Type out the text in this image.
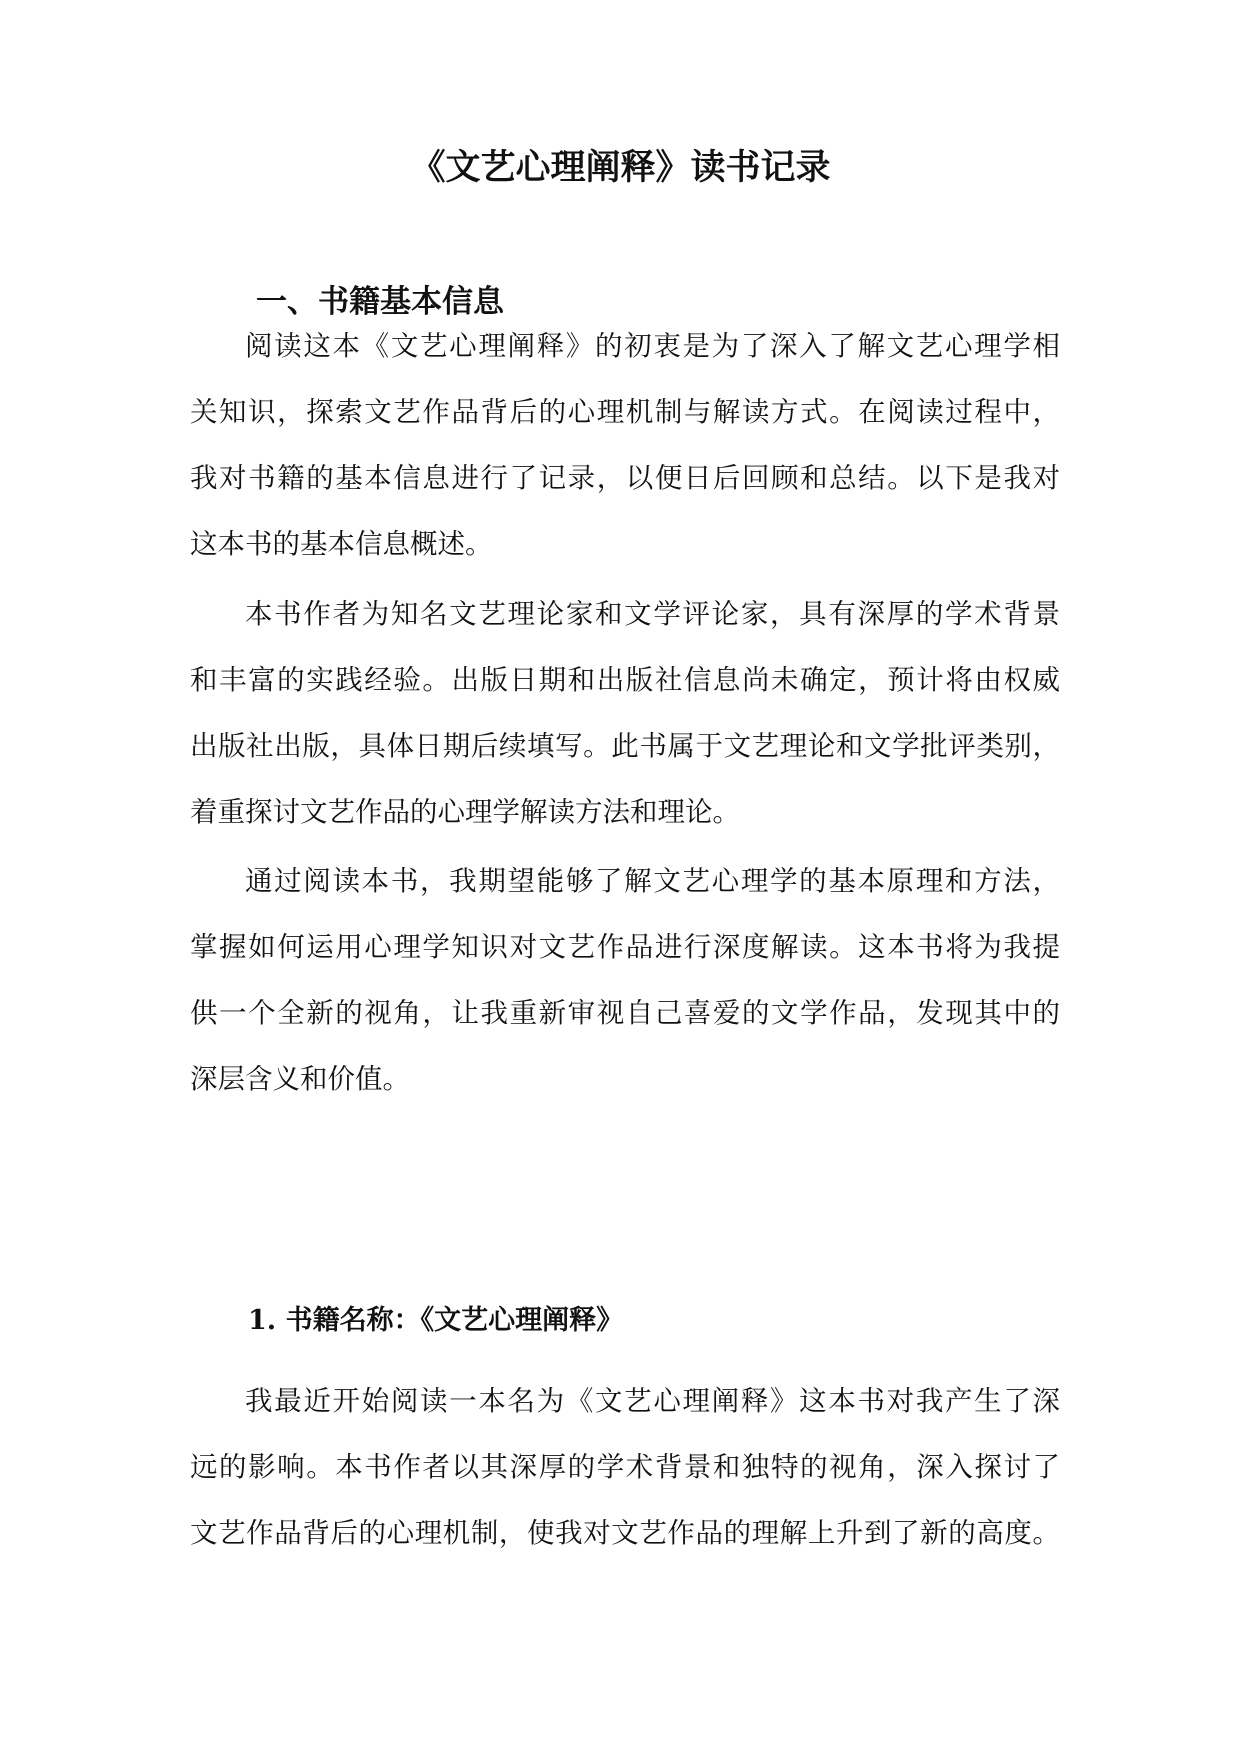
《文艺心理阐释》读书记录
一、书籍基本信息
阅读这本《文艺心理阐释》的初衷是为了深入了解文艺心理学相
关知识，探索文艺作品背后的心理机制与解读方式。在阅读过程中，
我对书籍的基本信息进行了记录，以便日后回顾和总结。以下是我对
这本书的基本信息概述。
本书作者为知名文艺理论家和文学评论家，具有深厚的学术背景
和丰富的实践经验。出版日期和出版社信息尚未确定，预计将由权威
出版社出版，具体日期后续填写。此书属于文艺理论和文学批评类别，
着重探讨文艺作品的心理学解读方法和理论。
通过阅读本书，我期望能够了解文艺心理学的基本原理和方法，
掌握如何运用心理学知识对文艺作品进行深度解读。这本书将为我提
供一个全新的视角，让我重新审视自己喜爱的文学作品，发现其中的
深层含义和价值。
1. 书籍名称：《文艺心理阐释》
我最近开始阅读一本名为《文艺心理阐释》这本书对我产生了深
远的影响。本书作者以其深厚的学术背景和独特的视角，深入探讨了
文艺作品背后的心理机制，使我对文艺作品的理解上升到了新的高度。
